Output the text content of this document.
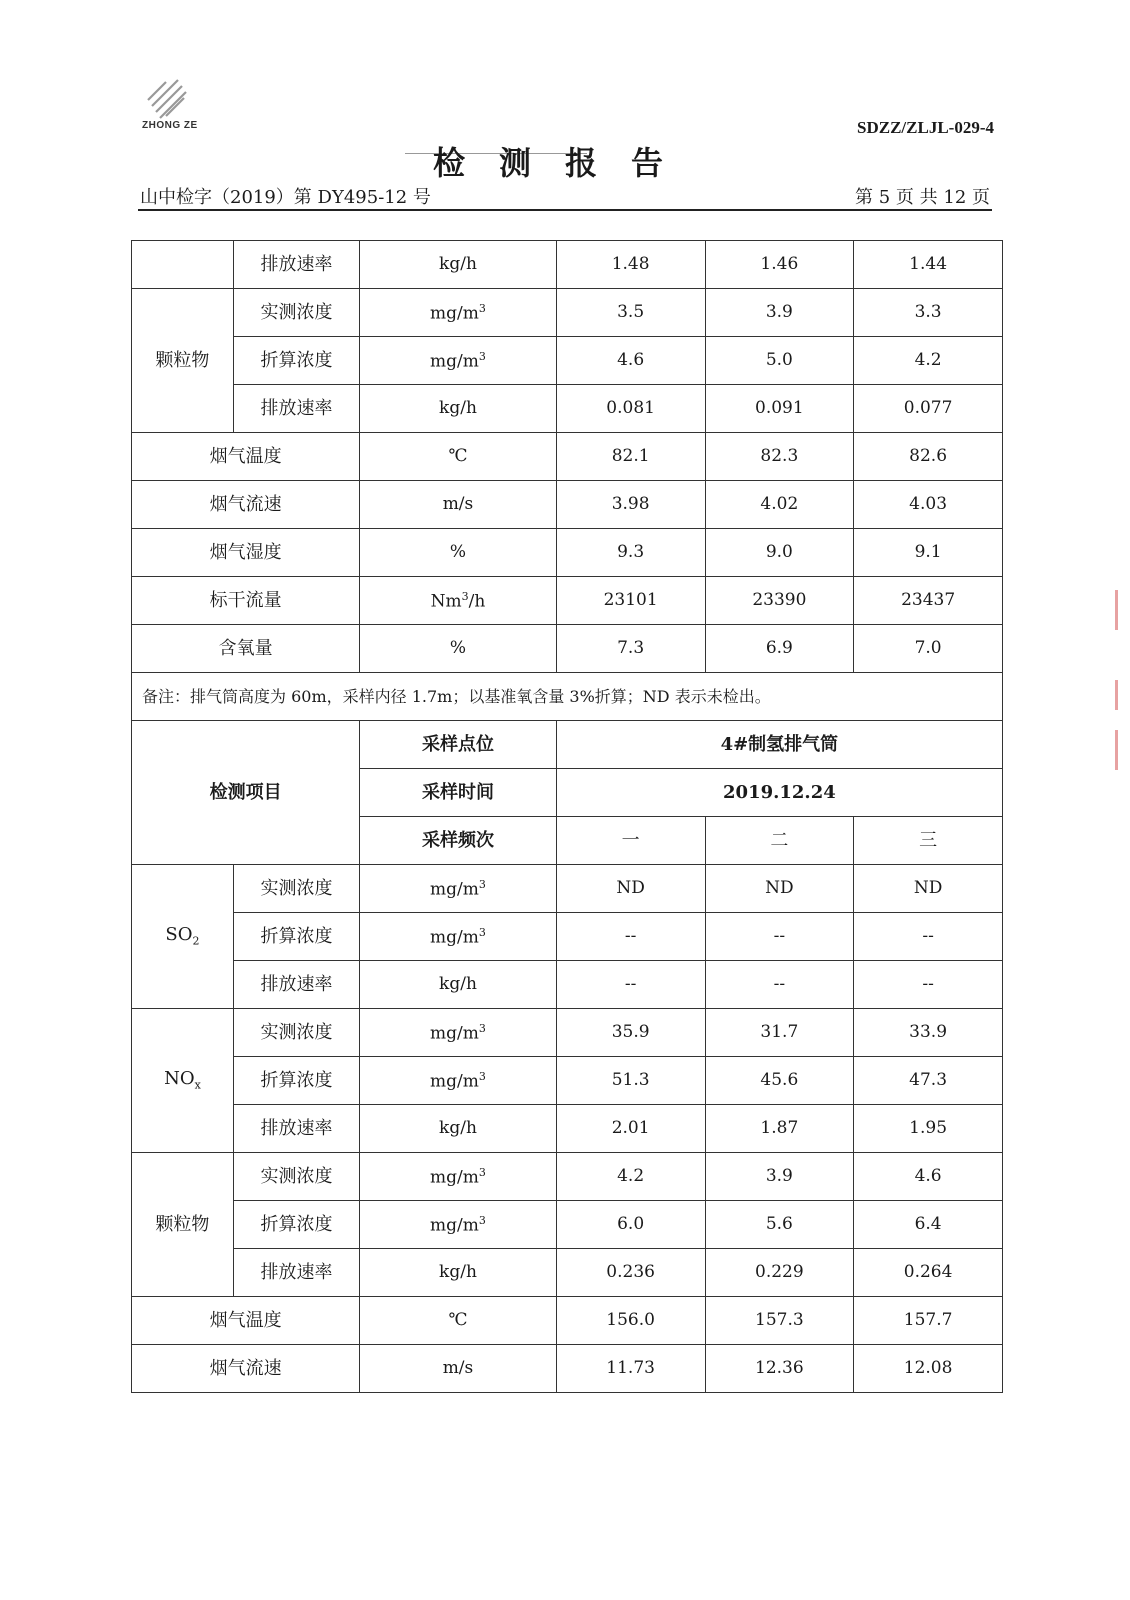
ZHONG ZE	SDZZ/ZLJL-029-4
检测报告
山中检字（2019）第 DY495-12 号	第 5 页 共 12 页
	排放速率	kg/h	1.48	1.46	1.44
颗粒物	实测浓度	$mg/m^3$	3.5	3.9	3.3
	折算浓度	$mg/m^3$	4.6	5.0	4.2
	排放速率	kg/h	0.081	0.091	0.077
烟气温度		℃	82.1	82.3	82.6
烟气流速		m/s	3.98	4.02	4.03
烟气湿度		%	9.3	9.0	9.1
标干流量		Nm$^3$/h	23101	23390	23437
含氧量		%	7.3	6.9	7.0
备注：排气筒高度为 60m，采样内径 1.7m；以基准氧含量 3%折算；ND 表示未检出。					
检测项目		采样点位	4#制氢排气筒		
		采样时间	2019.12.24		
		采样频次	一	二	三
$SO_2$	实测浓度	$mg/m^3$	ND	ND	ND
	折算浓度	$mg/m^3$	--	--	--
	排放速率	kg/h	--	--	--
$NO_x$	实测浓度	$mg/m^3$	35.9	31.7	33.9
	折算浓度	$mg/m^3$	51.3	45.6	47.3
	排放速率	kg/h	2.01	1.87	1.95
颗粒物	实测浓度	$mg/m^3$	4.2	3.9	4.6
	折算浓度	$mg/m^3$	6.0	5.6	6.4
	排放速率	kg/h	0.236	0.229	0.264
烟气温度		℃	156.0	157.3	157.7
烟气流速		m/s	11.73	12.36	12.08
